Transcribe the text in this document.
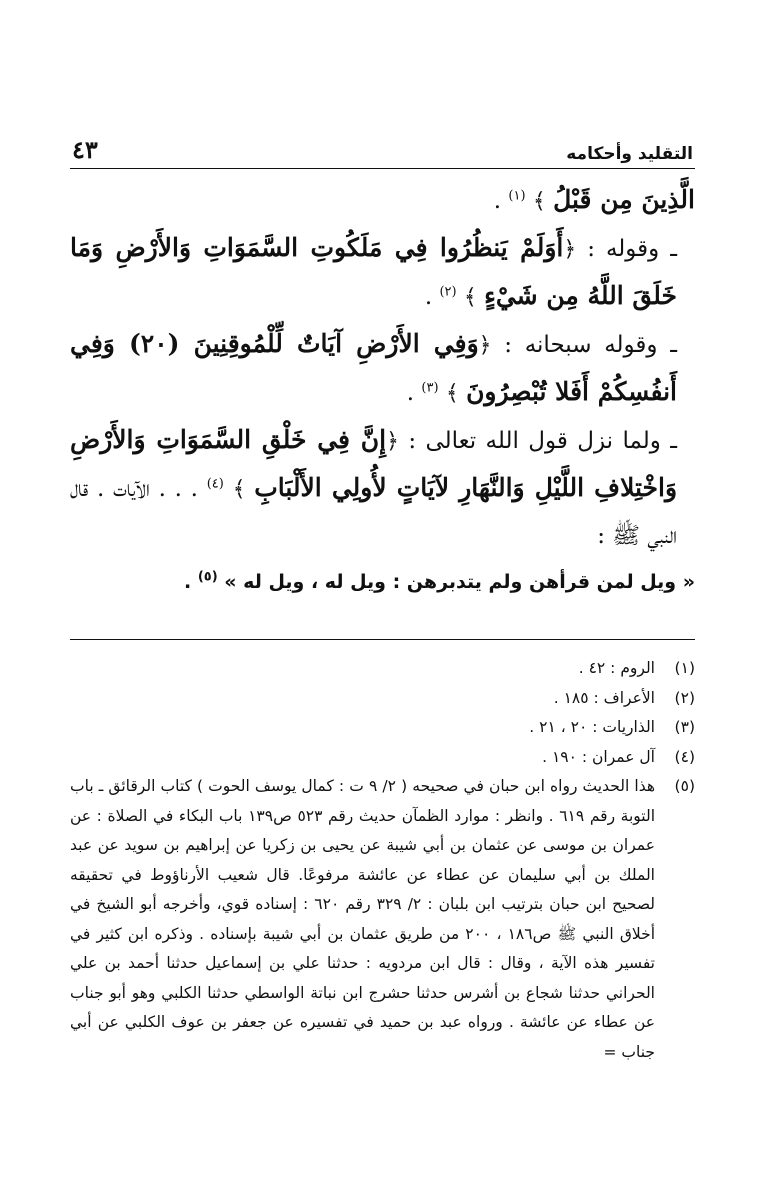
التقليد وأحكامه
٤٣

الَّذِينَ مِن قَبْلُ ﴾ $^{(١)}$ .

ـ وقوله : ﴿أَوَلَمْ يَنظُرُوا فِي مَلَكُوتِ السَّمَوَاتِ وَالأَرْضِ وَمَا خَلَقَ اللَّهُ مِن شَيْءٍ ﴾ $^{(٢)}$ .

ـ وقوله سبحانه : ﴿وَفِي الأَرْضِ آيَاتٌ لِّلْمُوقِنِينَ (٢٠) وَفِي أَنفُسِكُمْ أَفَلا تُبْصِرُونَ ﴾ $^{(٣)}$ .

ـ ولما نزل قول الله تعالى : ﴿إِنَّ فِي خَلْقِ السَّمَوَاتِ وَالأَرْضِ وَاخْتِلافِ اللَّيْلِ وَالنَّهَارِ لآيَاتٍ لأُولِي الأَلْبَابِ ﴾ $^{(٤)}$ . . . الآيات . قال النبي ﷺ :

« ويل لمن قرأهن ولم يتدبرهن : ويل له ، ويل له » $^{(٥)}$ .

(١)
الروم : ٤٢ .
(٢)
الأعراف : ١٨٥ .
(٣)
الذاريات : ٢٠ ، ٢١ .
(٤)
آل عمران : ١٩٠ .
(٥)
هذا الحديث رواه ابن حبان في صحيحه ( ٢/ ٩ ت : كمال يوسف الحوت ) كتاب الرقائق ـ باب التوبة رقم ٦١٩ . وانظر : موارد الظمآن حديث رقم ٥٢٣ ص١٣٩ باب البكاء في الصلاة : عن عمران بن موسى عن عثمان بن أبي شيبة عن يحيى بن زكريا عن إبراهيم بن سويد عن عبد الملك بن أبي سليمان عن عطاء عن عائشة مرفوعًا. قال شعيب الأرناؤوط في تحقيقه لصحيح ابن حبان بترتيب ابن بلبان : ٢/ ٣٢٩ رقم ٦٢٠ : إسناده قوي، وأخرجه أبو الشيخ في أخلاق النبي ﷺ ص١٨٦ ، ٢٠٠ من طريق عثمان بن أبي شيبة بإسناده . وذكره ابن كثير في تفسير هذه الآية ، وقال : قال ابن مردويه : حدثنا علي بن إسماعيل حدثنا أحمد بن علي الحراني حدثنا شجاع بن أشرس حدثنا حشرج ابن نباتة الواسطي حدثنا الكلبي وهو أبو جناب عن عطاء عن عائشة . ورواه عبد بن حميد في تفسيره عن جعفر بن عوف الكلبي عن أبي جناب =
